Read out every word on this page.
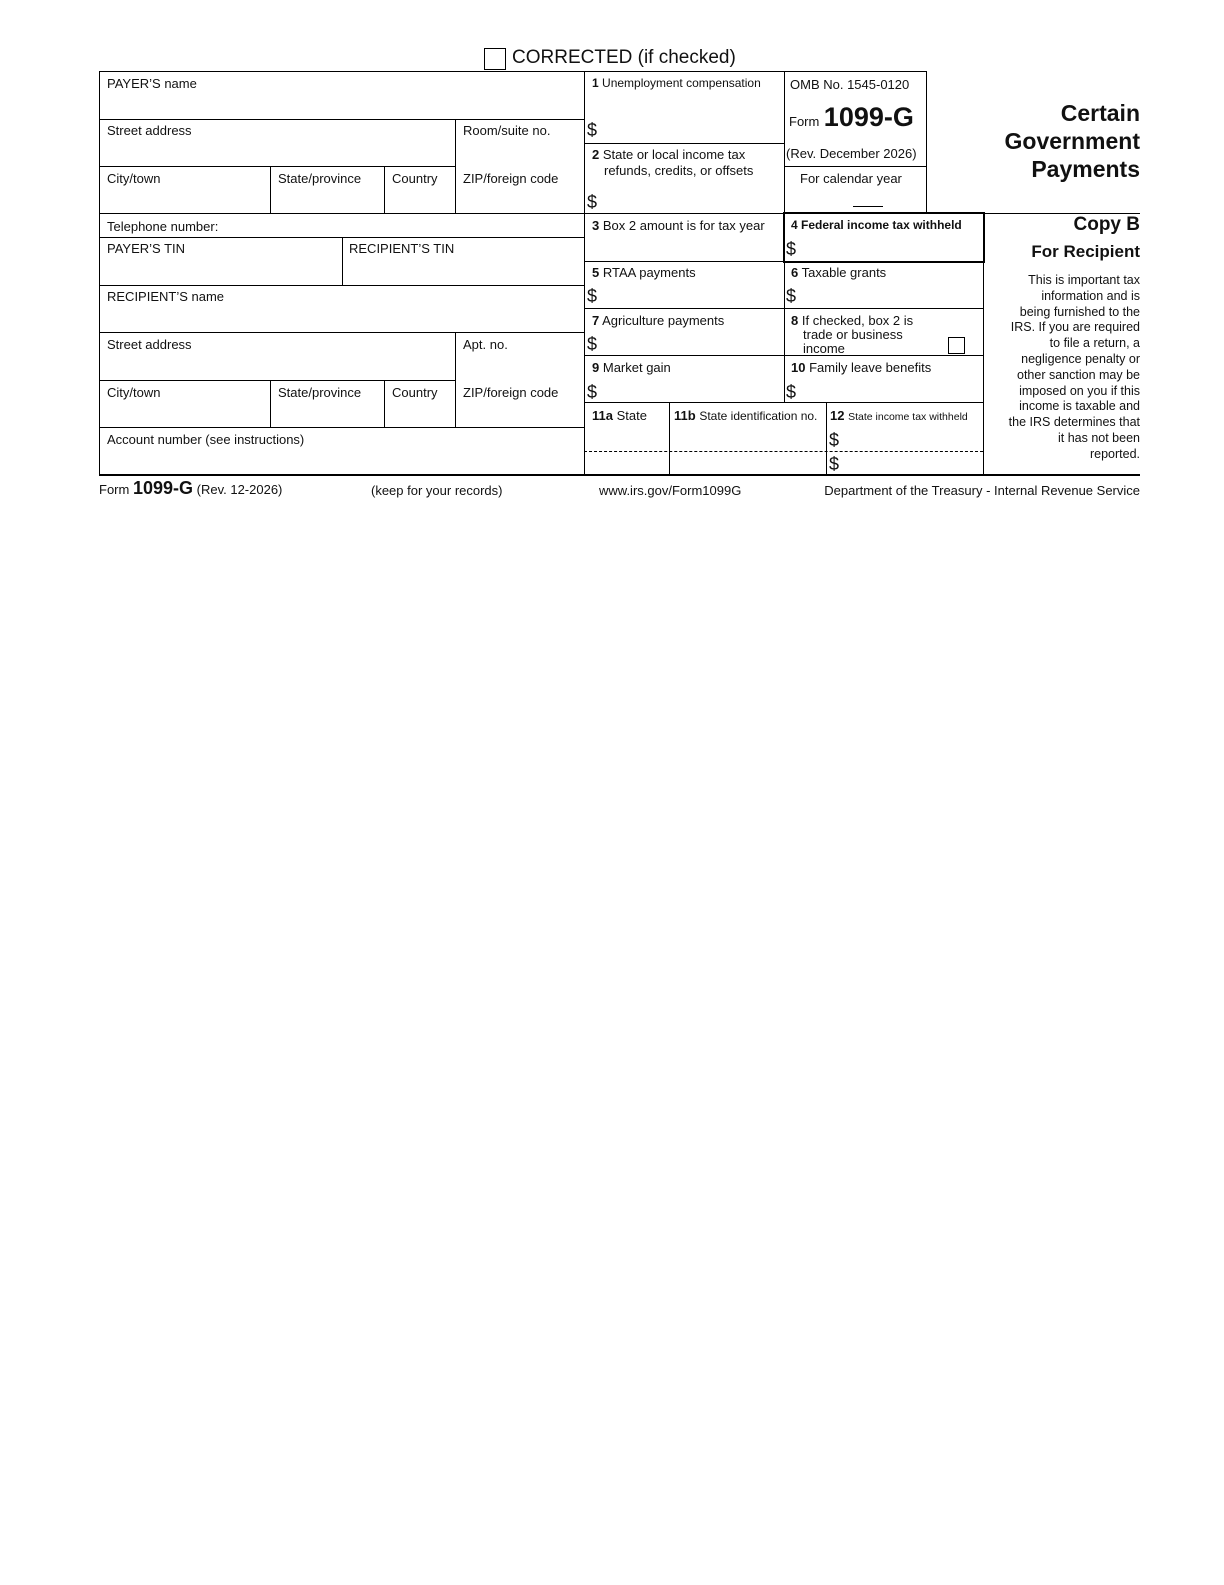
CORRECTED (if checked)
PAYER’S name
Street address	Room/suite no.
City/town	State/province Country ZIP/foreign code
Telephone number:
PAYER’S TIN	RECIPIENT’S TIN
RECIPIENT’S name
Street address	Apt. no.
City/town	State/province Country ZIP/foreign code
Account number (see instructions)
1 Unemployment compensation
$
2 State or local income tax
refunds, credits, or offsets
$
OMB No. 1545-0120
Form 1099-G
(Rev. December 2026)
For calendar year
Certain
Government
Payments
3 Box 2 amount is for tax year 4 Federal income tax withheld
$
5 RTAA payments
$
6 Taxable grants
$
7 Agriculture payments
$
8 If checked, box 2 is
trade or business
income
9 Market gain
$
10 Family leave benefits
$
11a State 11b State identification no. 12 State income tax withheld
$
$
Copy B
For Recipient
This is important tax
information and is
being furnished to the
IRS. If you are required
to file a return, a
negligence penalty or
other sanction may be
imposed on you if this
income is taxable and
the IRS determines that
it has not been
reported.
Form 1099-G (Rev. 12-2026)	(keep for your records)	www.irs.gov/Form1099G	Department of the Treasury - Internal Revenue Service
